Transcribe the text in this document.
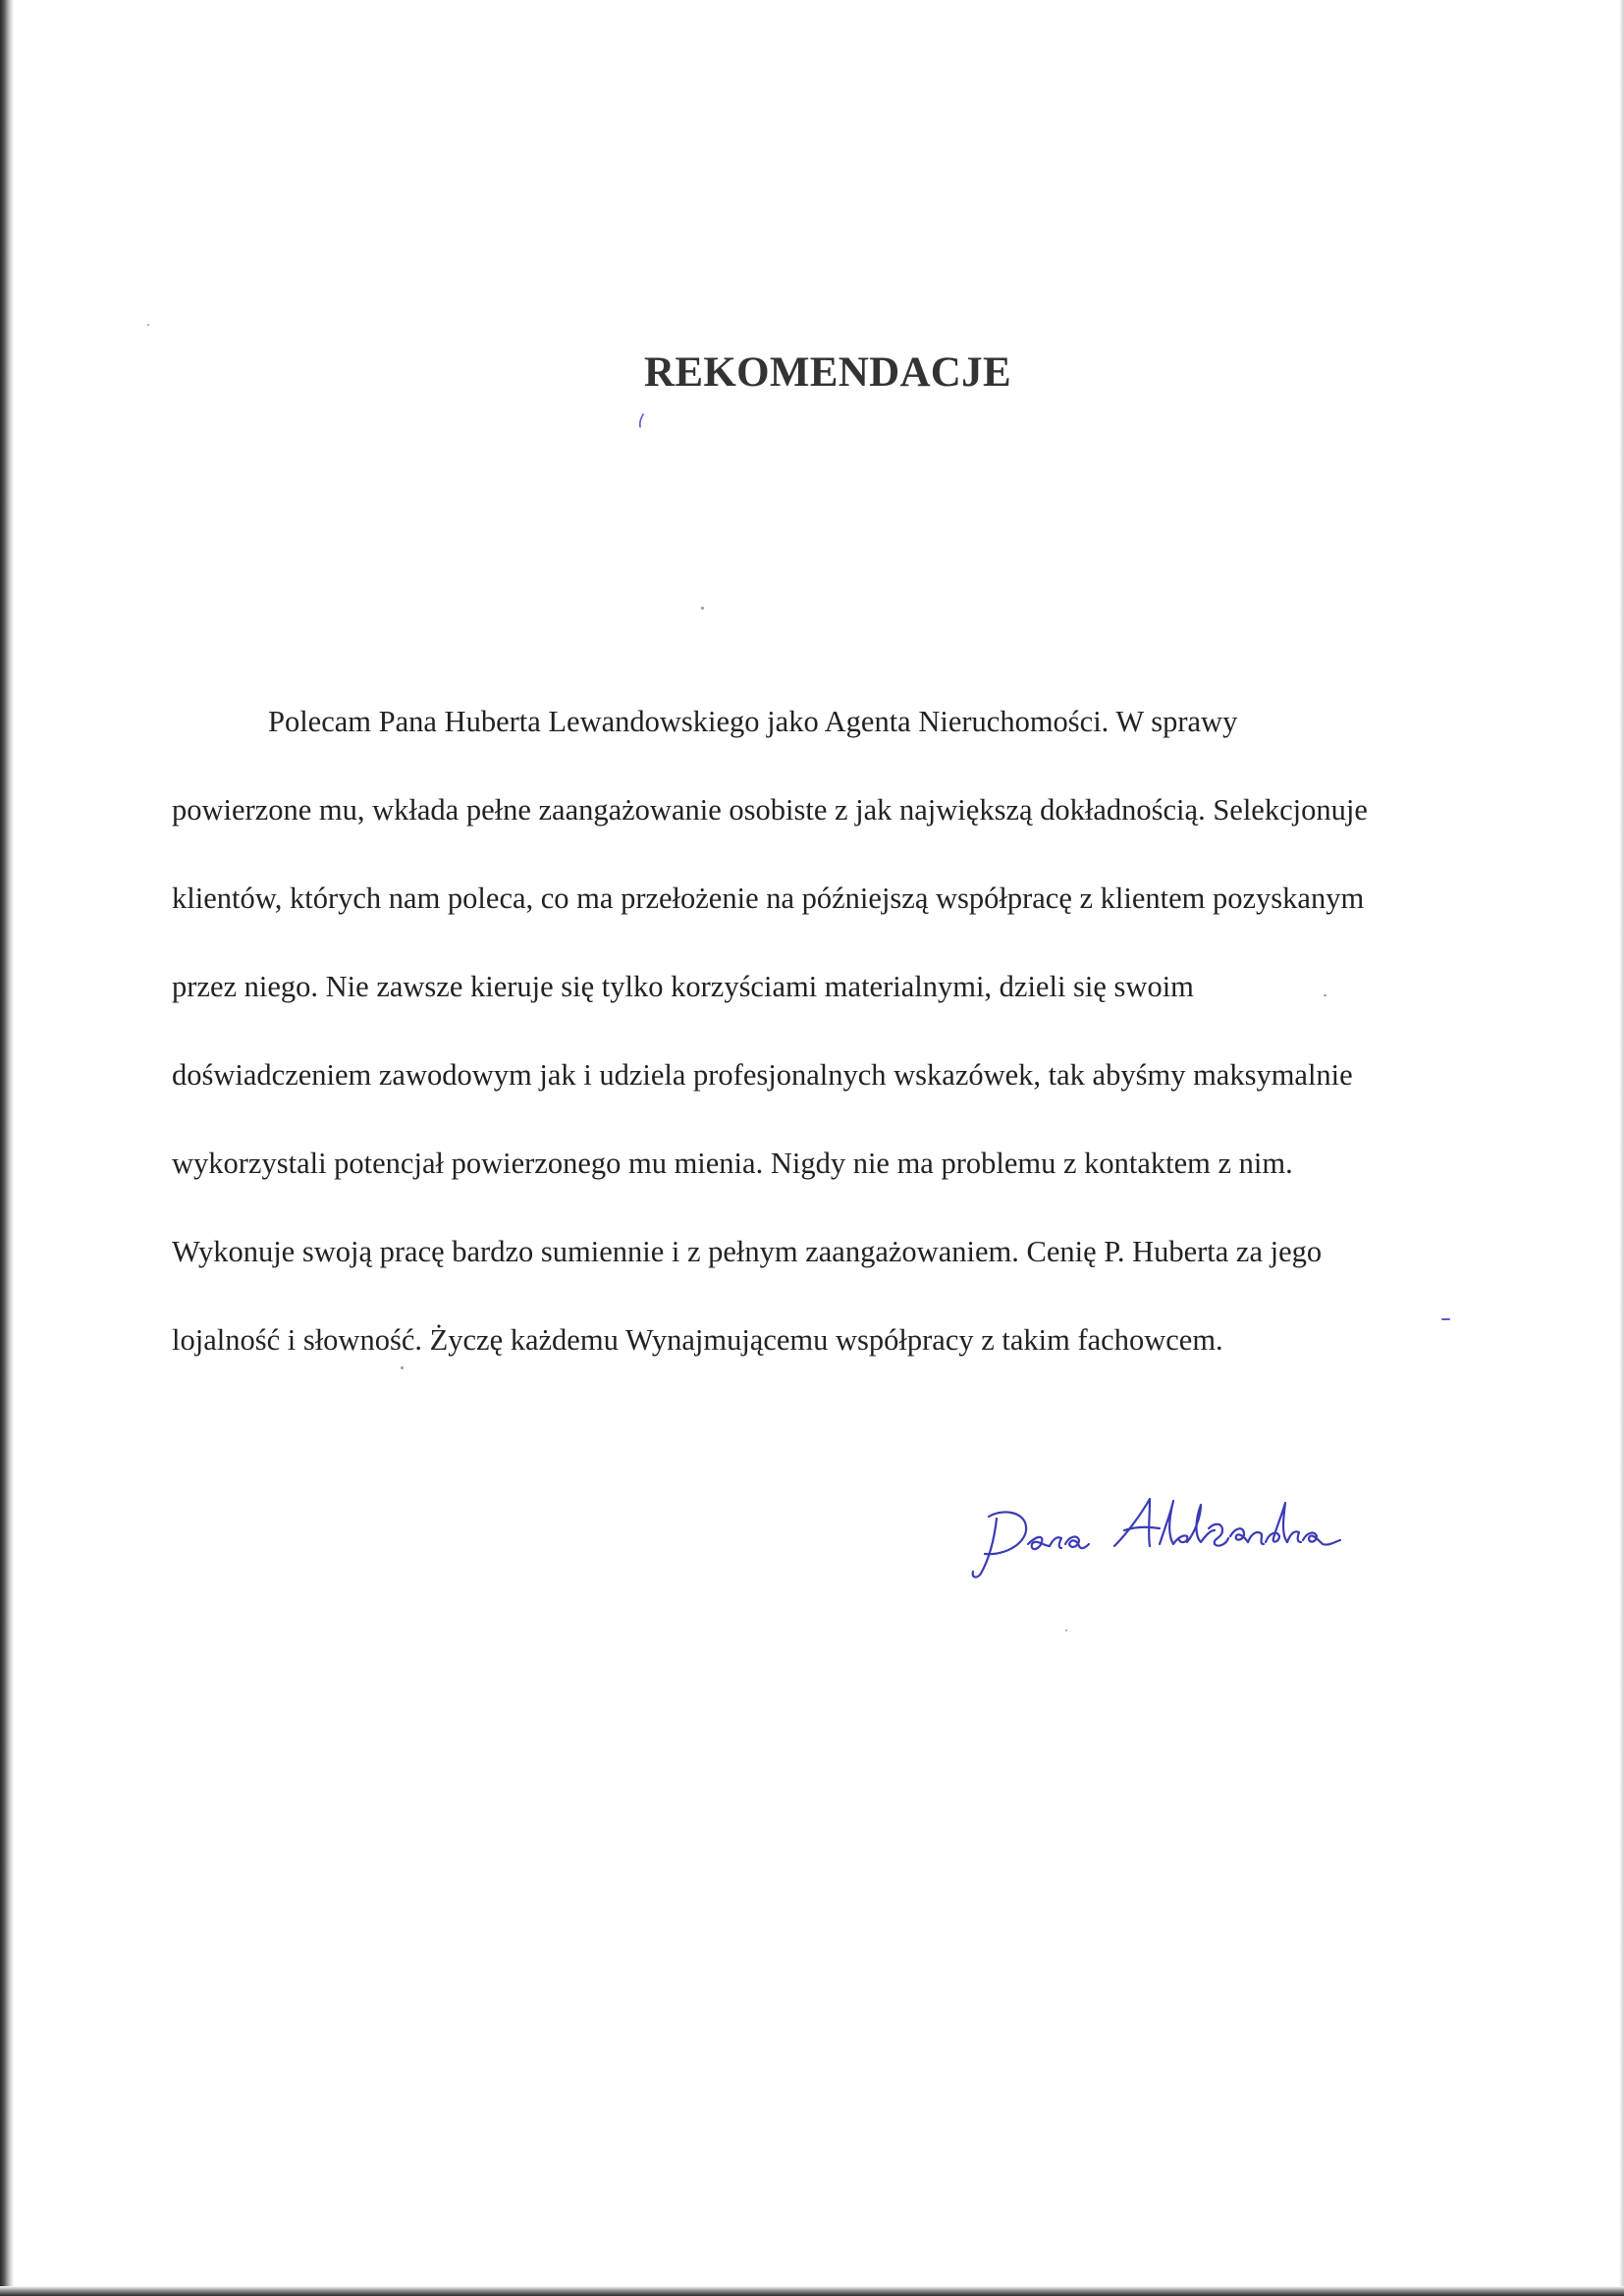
REKOMENDACJE
Polecam Pana Huberta Lewandowskiego jako Agenta Nieruchomości. W sprawy
powierzone mu, wkłada pełne zaangażowanie osobiste z jak największą dokładnością. Selekcjonuje
klientów, których nam poleca, co ma przełożenie na późniejszą współpracę z klientem pozyskanym
przez niego. Nie zawsze kieruje się tylko korzyściami materialnymi, dzieli się swoim
doświadczeniem zawodowym jak i udziela profesjonalnych wskazówek, tak abyśmy maksymalnie
wykorzystali potencjał powierzonego mu mienia. Nigdy nie ma problemu z kontaktem z nim.
Wykonuje swoją pracę bardzo sumiennie i z pełnym zaangażowaniem. Cenię P. Huberta za jego
lojalność i słowność. Życzę każdemu Wynajmującemu współpracy z takim fachowcem.
